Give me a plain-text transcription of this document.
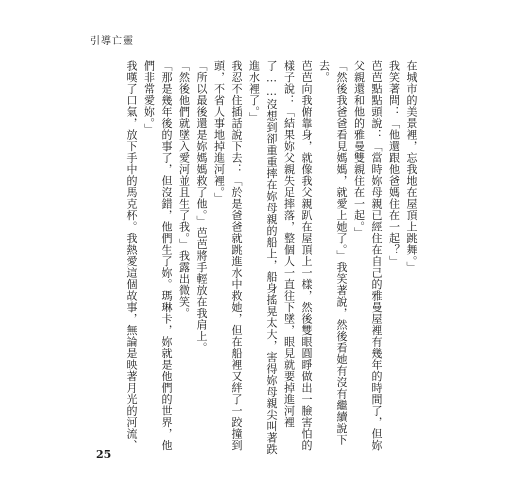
引導亡靈

在城市的美景裡，忘我地在屋頂上跳舞。」

我笑著問：「他還跟他爸媽住在一起？」

芭芭點點頭說：「當時妳母親已經住在自己的雅曼屋裡有幾年的時間了，但妳父親還和他的雅曼雙親住在一起。」

「然後我爸爸看見媽媽，就愛上她了。」我笑著說，然後看她有沒有繼續說下去。

芭芭向我俯靠身，就像我父親趴在屋頂上一樣，然後雙眼圓睜做出一臉害怕的樣子說：「結果妳父親失足摔落，整個人一直往下墜，眼見就要掉進河裡了……沒想到卻重重摔在妳母親的船上，船身搖晃太大，害得妳母親尖叫著跌進水裡了。」

我忍不住插話說下去：「於是爸爸就跳進水中救她，但在船裡又絆了一跤撞到頭，不省人事地掉進河裡。」

「所以最後還是妳媽媽救了他。」芭芭將手輕放在我肩上。

「然後他們就墜入愛河並且生了我。」我露出微笑。

「那是幾年後的事了，但沒錯，他們生了妳。瑪琳卡，妳就是他們的世界，他們非常愛妳。」

我嘆了口氣，放下手中的馬克杯。我熱愛這個故事，無論是映著月光的河流、

25
